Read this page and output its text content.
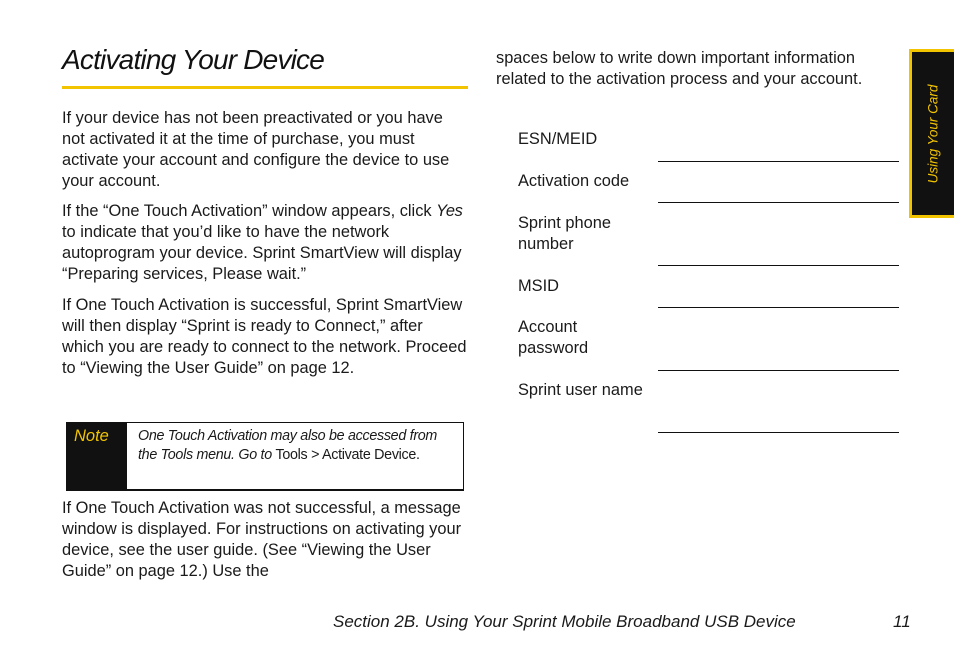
Activating Your Device
Using Your Card

If your device has not been preactivated or you have not activated it at the time of purchase, you must activate your account and configure the device to use your account.

If the “One Touch Activation” window appears, click Yes to indicate that you’d like to have the network autoprogram your device. Sprint SmartView will display “Preparing services, Please wait.”

If One Touch Activation is successful, Sprint SmartView will then display “Sprint is ready to Connect,” after which you are ready to connect to the network. Proceed to “Viewing the User Guide” on page 12.

Note	One Touch Activation may also be accessed from the Tools menu. Go to Tools > Activate Device.

If One Touch Activation was not successful, a message window is displayed. For instructions on activating your device, see the user guide. (See “Viewing the User Guide” on page 12.) Use the

spaces below to write down important information related to the activation process and your account.

ESN/MEID

Activation code

Sprint phone number

MSID

Account password

Sprint user name

Section 2B. Using Your Sprint Mobile Broadband USB Device	11
